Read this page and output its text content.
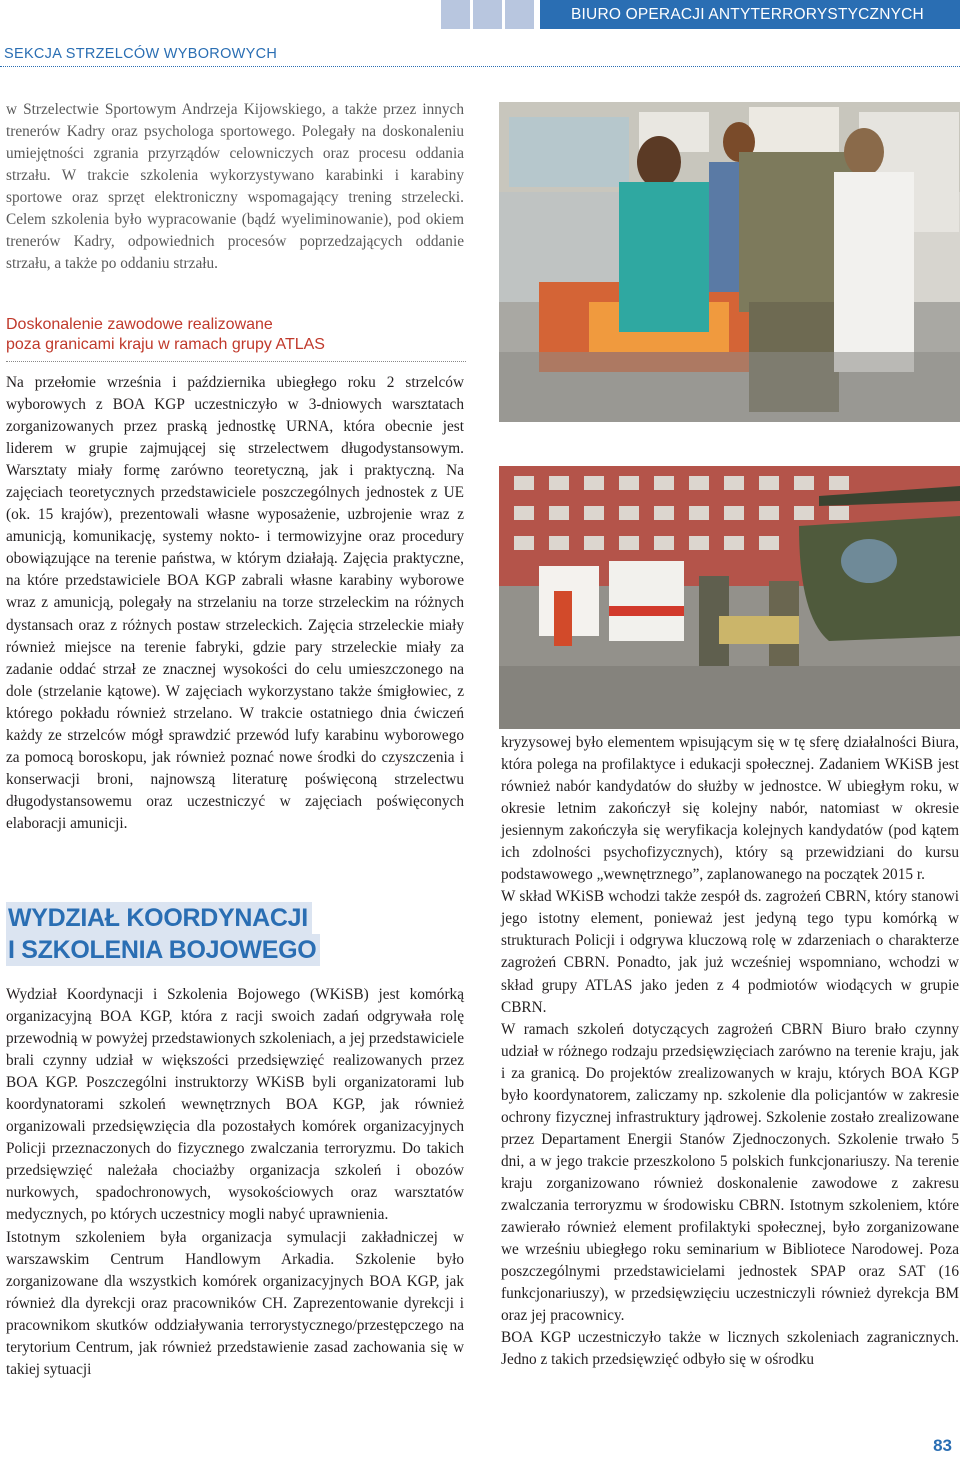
BIURO OPERACJI ANTYTERRORYSTYCZNYCH KGP
SEKCJA STRZELCÓW WYBOROWYCH

w Strzelectwie Sportowym Andrzeja Kijowskiego, a także przez innych trenerów Kadry oraz psychologa sportowego. Polegały na doskonaleniu umiejętności zgrania przyrządów celowniczych oraz procesu oddania strzału. W trakcie szkolenia wykorzystywano karabinki i karabiny sportowe oraz sprzęt elektroniczny wspomagający trening strzelecki. Celem szkolenia było wypracowanie (bądź wyeliminowanie), pod okiem trenerów Kadry, odpowiednich procesów poprzedzających oddanie strzału, a także po oddaniu strzału.

Doskonalenie zawodowe realizowane
poza granicami kraju w ramach grupy ATLAS

Na przełomie września i października ubiegłego roku 2 strzelców wyborowych z BOA KGP uczestniczyło w 3-dniowych warsztatach zorganizowanych przez praską jednostkę URNA, która obecnie jest liderem w grupie zajmującej się strzelectwem długodystansowym. Warsztaty miały formę zarówno teoretyczną, jak i praktyczną. Na zajęciach teoretycznych przedstawiciele poszczególnych jednostek z UE (ok. 15 krajów), prezentowali własne wyposażenie, uzbrojenie wraz z amunicją, komunikację, systemy nokto- i termowizyjne oraz procedury obowiązujące na terenie państwa, w którym działają. Zajęcia praktyczne, na które przedstawiciele BOA KGP zabrali własne karabiny wyborowe wraz z amunicją, polegały na strzelaniu na torze strzeleckim na różnych dystansach oraz z różnych postaw strzeleckich. Zajęcia strzeleckie miały również miejsce na terenie fabryki, gdzie pary strzeleckie miały za zadanie oddać strzał ze znacznej wysokości do celu umieszczonego na dole (strzelanie kątowe). W zajęciach wykorzystano także śmigłowiec, z którego pokładu również strzelano. W trakcie ostatniego dnia ćwiczeń każdy ze strzelców mógł sprawdzić przewód lufy karabinu wyborowego za pomocą boroskopu, jak również poznać nowe środki do czyszczenia i konserwacji broni, najnowszą literaturę poświęconą strzelectwu długodystansowemu oraz uczestniczyć w zajęciach poświęconych elaboracji amunicji.

WYDZIAŁ KOORDYNACJI
I SZKOLENIA BOJOWEGO

Wydział Koordynacji i Szkolenia Bojowego (WKiSB) jest komórką organizacyjną BOA KGP, która z racji swoich zadań odgrywała rolę przewodnią w powyżej przedstawionych szkoleniach, a jej przedstawiciele brali czynny udział w większości przedsięwzięć realizowanych przez BOA KGP. Poszczególni instruktorzy WKiSB byli organizatorami lub koordynatorami szkoleń wewnętrznych BOA KGP, jak również organizowali przedsięwzięcia dla pozostałych komórek organizacyjnych Policji przeznaczonych do fizycznego zwalczania terroryzmu. Do takich przedsięwzięć należała chociażby organizacja szkoleń i obozów nurkowych, spadochronowych, wysokościowych oraz warsztatów medycznych, po których uczestnicy mogli nabyć uprawnienia.

Istotnym szkoleniem była organizacja symulacji zakładniczej w warszawskim Centrum Handlowym Arkadia. Szkolenie było zorganizowane dla wszystkich komórek organizacyjnych BOA KGP, jak również dla dyrekcji oraz pracowników CH. Zaprezentowanie dyrekcji i pracownikom skutków oddziaływania terrorystycznego/przestępczego na terytorium Centrum, jak również przedstawienie zasad zachowania się w takiej sytuacji

kryzysowej było elementem wpisującym się w tę sferę działalności Biura, która polega na profilaktyce i edukacji społecznej. Zadaniem WKiSB jest również nabór kandydatów do służby w jednostce. W ubiegłym roku, w okresie letnim zakończył się kolejny nabór, natomiast w okresie jesiennym zakończyła się weryfikacja kolejnych kandydatów (pod kątem ich zdolności psychofizycznych), który są przewidziani do kursu podstawowego „wewnętrznego”, zaplanowanego na początek 2015 r.

W skład WKiSB wchodzi także zespół ds. zagrożeń CBRN, który stanowi jego istotny element, ponieważ jest jedyną tego typu komórką w strukturach Policji i odgrywa kluczową rolę w zdarzeniach o charakterze zagrożeń CBRN. Ponadto, jak już wcześniej wspomniano, wchodzi w skład grupy ATLAS jako jeden z 4 podmiotów wiodących w grupie CBRN.

W ramach szkoleń dotyczących zagrożeń CBRN Biuro brało czynny udział w różnego rodzaju przedsięwzięciach zarówno na terenie kraju, jak i za granicą. Do projektów zrealizowanych w kraju, których BOA KGP było koordynatorem, zaliczamy np. szkolenie dla policjantów w zakresie ochrony fizycznej infrastruktury jądrowej. Szkolenie zostało zrealizowane przez Departament Energii Stanów Zjednoczonych. Szkolenie trwało 5 dni, a w jego trakcie przeszkolono 5 polskich funkcjonariuszy. Na terenie kraju zorganizowano również doskonalenie zawodowe z zakresu zwalczania terroryzmu w środowisku CBRN. Istotnym szkoleniem, które zawierało również element profilaktyki społecznej, było zorganizowane we wrześniu ubiegłego roku seminarium w Bibliotece Narodowej. Poza poszczególnymi przedstawicielami jednostek SPAP oraz SAT (16 funkcjonariuszy), w przedsięwzięciu uczestniczyli również dyrekcja BM oraz jej pracownicy.

BOA KGP uczestniczyło także w licznych szkoleniach zagranicznych. Jedno z takich przedsięwzięć odbyło się w ośrodku

83
